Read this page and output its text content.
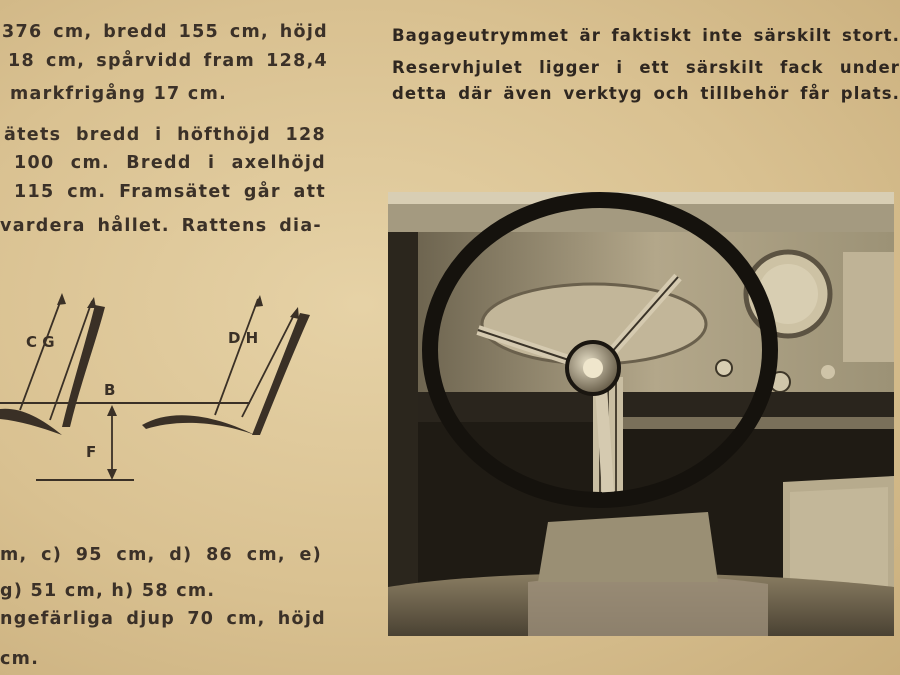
376 cm, bredd 155 cm, höjd
18 cm, spårvidd fram 128,4
markfrigång 17 cm.
ätets bredd i höfthöjd 128
100 cm. Bredd i axelhöjd
115 cm. Framsätet går att
vardera hållet. Rattens dia-
C G
B
F
D H
m, c) 95 cm, d) 86 cm, e)
g) 51 cm, h) 58 cm.
ngefärliga djup 70 cm, höjd
cm.
Bagageutrymmet är faktiskt inte särskilt stort.
Reservhjulet ligger i ett särskilt fack under
detta där även verktyg och tillbehör får plats.
